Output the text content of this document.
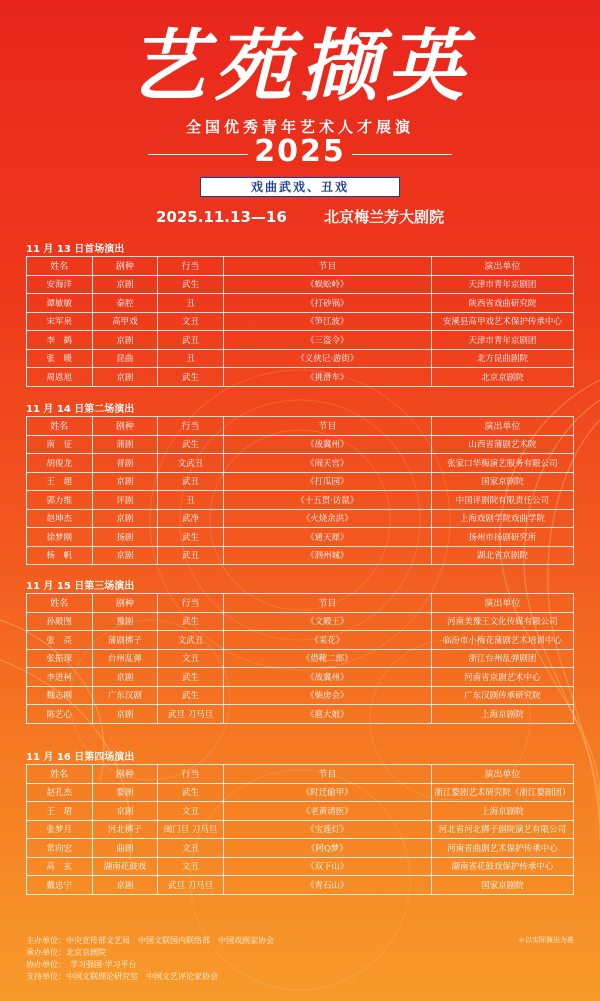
艺苑撷英
全国优秀青年艺术人才展演
2025
戏曲武戏、丑戏
2025.11.13—16 北京梅兰芳大剧院
11 月 13 日首场演出
姓名	剧种	行当	节目	演出单位
安海洋	京剧	武生	《蜈蚣岭》	天津市青年京剧团
谭敏敏	秦腔	丑	《打砂锅》	陕西省戏曲研究院
宋军泉	高甲戏	文丑	《笋江波》	安溪县高甲戏艺术保护传承中心
李　鹤	京剧	武丑	《三盗令》	天津市青年京剧团
张　暖	昆曲	丑	《义侠记·游街》	北方昆曲剧院
周恩旭	京剧	武生	《挑滑车》	北京京剧院
11 月 14 日第二场演出
姓名	剧种	行当	节目	演出单位
南　征	蒲剧	武生	《战冀州》	山西省蒲剧艺术院
胡俊龙	晋剧	文武丑	《闹天宫》	张家口华梅演艺服务有限公司
王　超	京剧	武丑	《打瓜园》	国家京剧院
郭力维	评剧	丑	《十五贯·访鼠》	中国评剧院有限责任公司
赵坤杰	京剧	武净	《火烧余洪》	上海戏剧学院戏曲学院
徐梦刚	扬剧	武生	《通天犀》	扬州市扬剧研究所
杨　帆	京剧	武丑	《泗州城》	湖北省京剧院
11 月 15 日第三场演出
姓名	剧种	行当	节目	演出单位
孙殿图	豫剧	武生	《文殿王》	河南美豫王文化传媒有限公司
张　亮	蒲剧梆子	文武丑	《采花》	临汾市小梅花蒲剧艺术培训中心
张振琛	台州乱弹	文丑	《借靴二郎》	浙江台州乱弹剧团
李进柯	京剧	武生	《战冀州》	河南省京剧艺术中心
魏志刚	广东汉剧	武生	《柴房会》	广东汉剧传承研究院
陈艺心	京剧	武旦 刀马旦	《扈大娘》	上海京剧院
11 月 16 日第四场演出
姓名	剧种	行当	节目	演出单位
赵孔杰	婺剧	武生	《时迁偷甲》	浙江婺剧艺术研究院（浙江婺剧团）
王　珺	京剧	文丑	《老黄请医》	上海京剧院
张梦月	河北梆子	闺门旦 刀马旦	《宝莲灯》	河北省河北梆子剧院演艺有限公司
常向宏	曲剧	文丑	《阿Q梦》	河南省曲剧艺术保护传承中心
高　玄	湖南花鼓戏	文丑	《双下山》	湖南省花鼓戏保护传承中心
戴忠宁	京剧	武旦 刀马旦	《青石山》	国家京剧院
主办单位：中央宣传部文艺局　中国文联国内联络部　中国戏剧家协会
承办单位：北京京剧院
协办单位：　学习强国·学习平台
支持单位：中国文联理论研究室　中国文艺评论家协会
＊以实际演出为准
